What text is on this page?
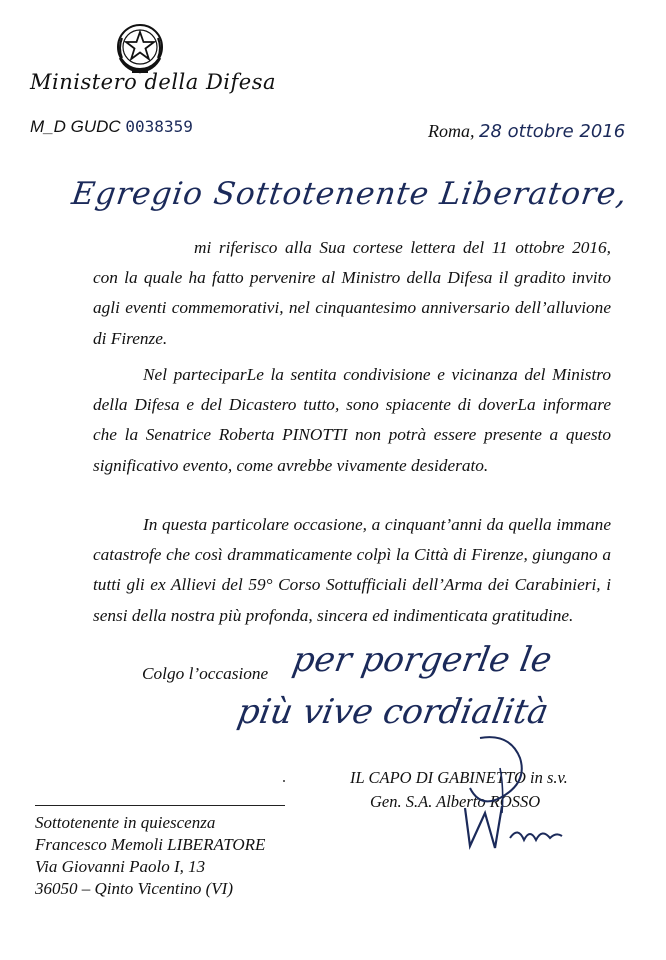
Ministero della Difesa
M_D GUDC 0038359	Roma, 28 ottobre 2016
Egregio Sottotenente Liberatore,
mi riferisco alla Sua cortese lettera del 11 ottobre 2016, con la quale ha fatto pervenire al Ministro della Difesa il gradito invito agli eventi commemorativi, nel cinquantesimo anniversario dell’alluvione di Firenze.
Nel parteciparLe la sentita condivisione e vicinanza del Ministro della Difesa e del Dicastero tutto, sono spiacente di doverLa informare che la Senatrice Roberta PINOTTI non potrà essere presente a questo significativo evento, come avrebbe vivamente desiderato.
In questa particolare occasione, a cinquant’anni da quella immane catastrofe che così drammaticamente colpì la Città di Firenze, giungano a tutti gli ex Allievi del 59° Corso Sottufficiali dell’Arma dei Carabinieri, i sensi della nostra più profonda, sincera ed indimenticata gratitudine.
Colgo l’occasione per porgerle le
più vive cordialità
IL CAPO DI GABINETTO in s.v.
Gen. S.A. Alberto ROSSO
Sottotenente in quiescenza
Francesco Memoli LIBERATORE
Via Giovanni Paolo I, 13
36050 – Qinto Vicentino (VI)
